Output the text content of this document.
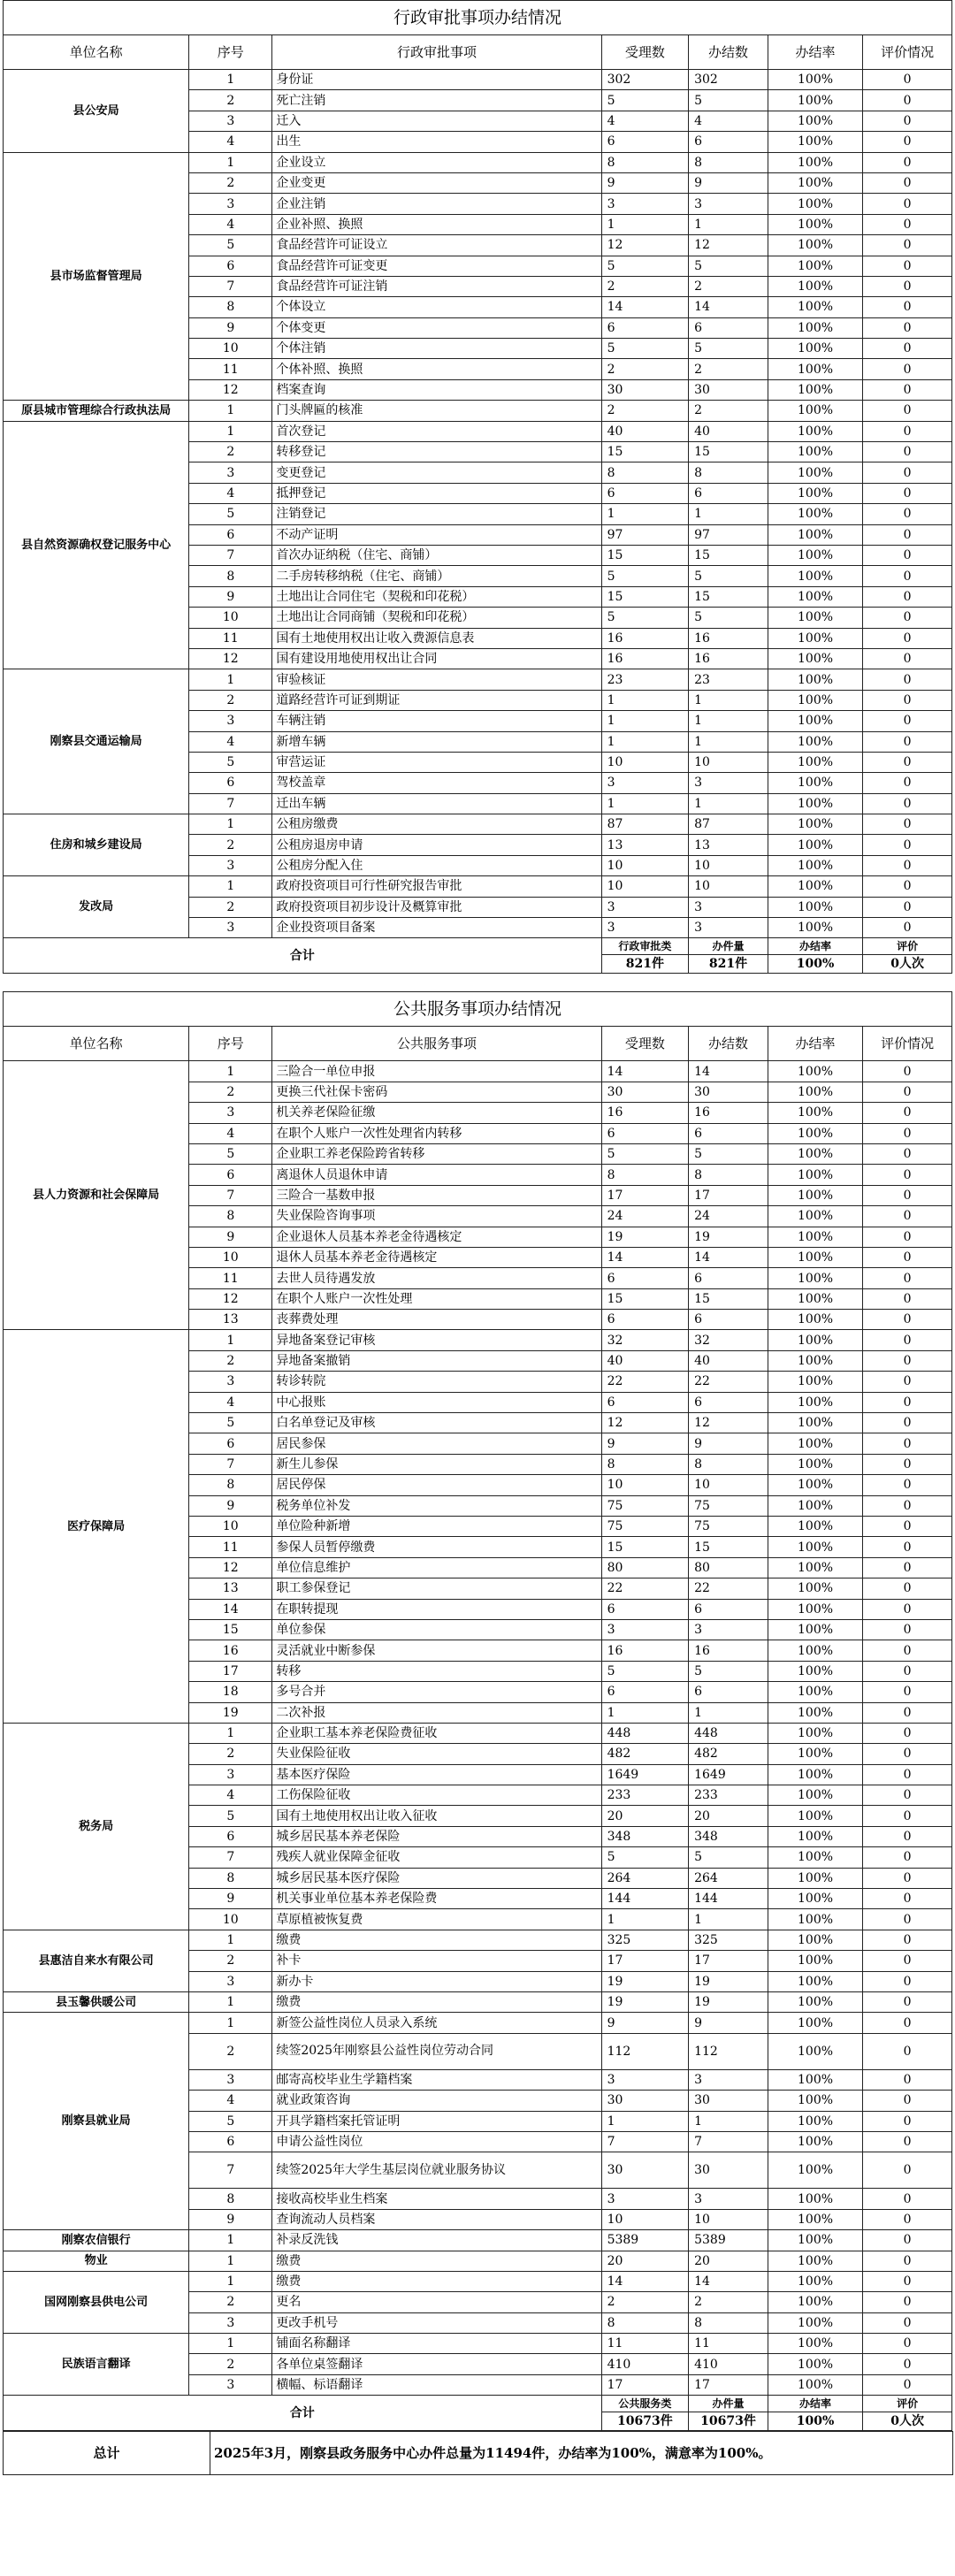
行政审批事项办结情况						
单位名称	序号	行政审批事项	受理数	办结数	办结率	评价情况
县公安局	1	身份证	302	302	100%	0
	2	死亡注销	5	5	100%	0
	3	迁入	4	4	100%	0
	4	出生	6	6	100%	0
县市场监督管理局	1	企业设立	8	8	100%	0
	2	企业变更	9	9	100%	0
	3	企业注销	3	3	100%	0
	4	企业补照、换照	1	1	100%	0
	5	食品经营许可证设立	12	12	100%	0
	6	食品经营许可证变更	5	5	100%	0
	7	食品经营许可证注销	2	2	100%	0
	8	个体设立	14	14	100%	0
	9	个体变更	6	6	100%	0
	10	个体注销	5	5	100%	0
	11	个体补照、换照	2	2	100%	0
	12	档案查询	30	30	100%	0
原县城市管理综合行政执法局	1	门头牌匾的核准	2	2	100%	0
县自然资源确权登记服务中心	1	首次登记	40	40	100%	0
	2	转移登记	15	15	100%	0
	3	变更登记	8	8	100%	0
	4	抵押登记	6	6	100%	0
	5	注销登记	1	1	100%	0
	6	不动产证明	97	97	100%	0
	7	首次办证纳税（住宅、商铺）	15	15	100%	0
	8	二手房转移纳税（住宅、商铺）	5	5	100%	0
	9	土地出让合同住宅（契税和印花税）	15	15	100%	0
	10	土地出让合同商铺（契税和印花税）	5	5	100%	0
	11	国有土地使用权出让收入费源信息表	16	16	100%	0
	12	国有建设用地使用权出让合同	16	16	100%	0
刚察县交通运输局	1	审验核证	23	23	100%	0
	2	道路经营许可证到期证	1	1	100%	0
	3	车辆注销	1	1	100%	0
	4	新增车辆	1	1	100%	0
	5	审营运证	10	10	100%	0
	6	驾校盖章	3	3	100%	0
	7	迁出车辆	1	1	100%	0
住房和城乡建设局	1	公租房缴费	87	87	100%	0
	2	公租房退房申请	13	13	100%	0
	3	公租房分配入住	10	10	100%	0
发改局	1	政府投资项目可行性研究报告审批	10	10	100%	0
	2	政府投资项目初步设计及概算审批	3	3	100%	0
	3	企业投资项目备案	3	3	100%	0
合计			行政审批类	办件量	办结率	评价
			821件	821件	100%	0人次
公共服务事项办结情况						
单位名称	序号	公共服务事项	受理数	办结数	办结率	评价情况
县人力资源和社会保障局	1	三险合一单位申报	14	14	100%	0
	2	更换三代社保卡密码	30	30	100%	0
	3	机关养老保险征缴	16	16	100%	0
	4	在职个人账户一次性处理省内转移	6	6	100%	0
	5	企业职工养老保险跨省转移	5	5	100%	0
	6	离退休人员退休申请	8	8	100%	0
	7	三险合一基数申报	17	17	100%	0
	8	失业保险咨询事项	24	24	100%	0
	9	企业退休人员基本养老金待遇核定	19	19	100%	0
	10	退休人员基本养老金待遇核定	14	14	100%	0
	11	去世人员待遇发放	6	6	100%	0
	12	在职个人账户一次性处理	15	15	100%	0
	13	丧葬费处理	6	6	100%	0
医疗保障局	1	异地备案登记审核	32	32	100%	0
	2	异地备案撤销	40	40	100%	0
	3	转诊转院	22	22	100%	0
	4	中心报账	6	6	100%	0
	5	白名单登记及审核	12	12	100%	0
	6	居民参保	9	9	100%	0
	7	新生儿参保	8	8	100%	0
	8	居民停保	10	10	100%	0
	9	税务单位补发	75	75	100%	0
	10	单位险种新增	75	75	100%	0
	11	参保人员暂停缴费	15	15	100%	0
	12	单位信息维护	80	80	100%	0
	13	职工参保登记	22	22	100%	0
	14	在职转提现	6	6	100%	0
	15	单位参保	3	3	100%	0
	16	灵活就业中断参保	16	16	100%	0
	17	转移	5	5	100%	0
	18	多号合并	6	6	100%	0
	19	二次补报	1	1	100%	0
税务局	1	企业职工基本养老保险费征收	448	448	100%	0
	2	失业保险征收	482	482	100%	0
	3	基本医疗保险	1649	1649	100%	0
	4	工伤保险征收	233	233	100%	0
	5	国有土地使用权出让收入征收	20	20	100%	0
	6	城乡居民基本养老保险	348	348	100%	0
	7	残疾人就业保障金征收	5	5	100%	0
	8	城乡居民基本医疗保险	264	264	100%	0
	9	机关事业单位基本养老保险费	144	144	100%	0
	10	草原植被恢复费	1	1	100%	0
县惠洁自来水有限公司	1	缴费	325	325	100%	0
	2	补卡	17	17	100%	0
	3	新办卡	19	19	100%	0
县玉馨供暖公司	1	缴费	19	19	100%	0
刚察县就业局	1	新签公益性岗位人员录入系统	9	9	100%	0
	2	续签2025年刚察县公益性岗位劳动合同	112	112	100%	0
	3	邮寄高校毕业生学籍档案	3	3	100%	0
	4	就业政策咨询	30	30	100%	0
	5	开具学籍档案托管证明	1	1	100%	0
	6	申请公益性岗位	7	7	100%	0
	7	续签2025年大学生基层岗位就业服务协议	30	30	100%	0
	8	接收高校毕业生档案	3	3	100%	0
	9	查询流动人员档案	10	10	100%	0
刚察农信银行	1	补录反洗钱	5389	5389	100%	0
物业	1	缴费	20	20	100%	0
国网刚察县供电公司	1	缴费	14	14	100%	0
	2	更名	2	2	100%	0
	3	更改手机号	8	8	100%	0
民族语言翻译	1	铺面名称翻译	11	11	100%	0
	2	各单位桌签翻译	410	410	100%	0
	3	横幅、标语翻译	17	17	100%	0
合计			公共服务类	办件量	办结率	评价
			10673件	10673件	100%	0人次
总计	2025年3月，刚察县政务服务中心办件总量为11494件，办结率为100%，满意率为100%。
